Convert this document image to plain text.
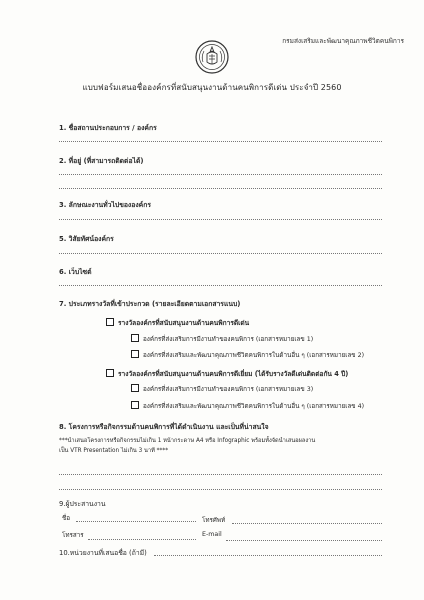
กรมส่งเสริมและพัฒนาคุณภาพชีวิตคนพิการ
แบบฟอร์มเสนอชื่อองค์กรที่สนับสนุนงานด้านคนพิการดีเด่น ประจำปี 2560
1. ชื่อสถานประกอบการ / องค์กร
2. ที่อยู่ (ที่สามารถติดต่อได้)
3. ลักษณะงานทั่วไปขององค์กร
5. วิสัยทัศน์องค์กร
6. เว็บไซต์
7. ประเภทรางวัลที่เข้าประกวด (รายละเอียดตามเอกสารแนบ)
รางวัลองค์กรที่สนับสนุนงานด้านคนพิการดีเด่น
องค์กรที่ส่งเสริมการมีงานทำของคนพิการ (เอกสารหมายเลข 1)
องค์กรที่ส่งเสริมและพัฒนาคุณภาพชีวิตคนพิการในด้านอื่น ๆ (เอกสารหมายเลข 2)
รางวัลองค์กรที่สนับสนุนงานด้านคนพิการดีเยี่ยม (ได้รับรางวัลดีเด่นติดต่อกัน 4 ปี)
องค์กรที่ส่งเสริมการมีงานทำของคนพิการ (เอกสารหมายเลข 3)
องค์กรที่ส่งเสริมและพัฒนาคุณภาพชีวิตคนพิการในด้านอื่น ๆ (เอกสารหมายเลข 4)
8. โครงการหรือกิจกรรมด้านคนพิการที่ได้ดำเนินงาน และเป็นที่น่าสนใจ
***นำเสนอโครงการหรือกิจกรรมไม่เกิน 1 หน้ากระดาษ A4 หรือ Infographic พร้อมทั้งจัดนำเสนอผลงาน
เป็น VTR Presentation ไม่เกิน 3 นาที ****
9.ผู้ประสานงาน
ชื่อ	โทรศัพท์
โทรสาร	E-mail
10.หน่วยงานที่เสนอชื่อ (ถ้ามี)
